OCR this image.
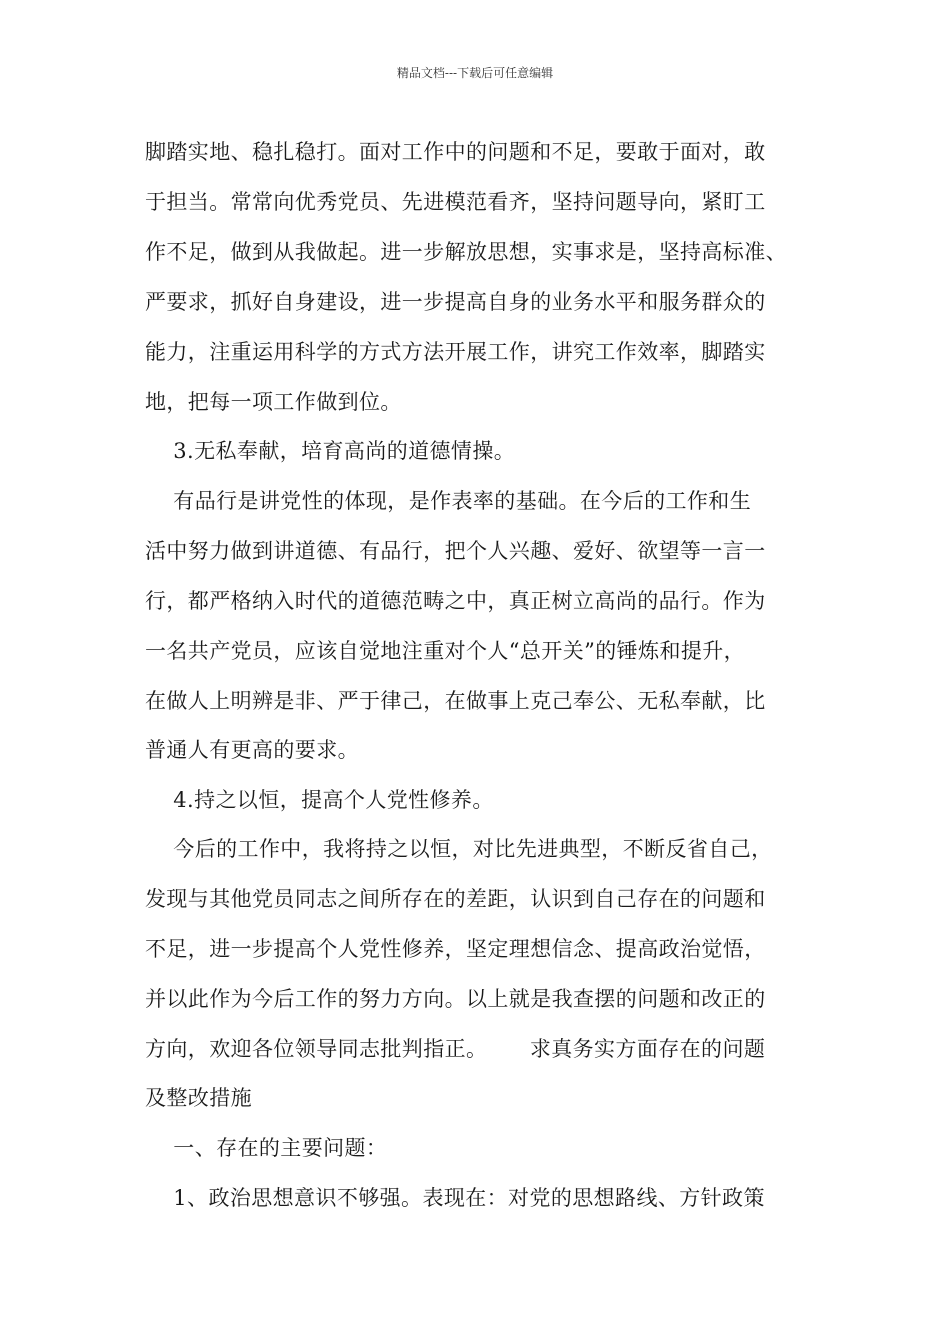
精品文档---下载后可任意编辑
脚踏实地、稳扎稳打。面对工作中的问题和不足，要敢于面对，敢
于担当。常常向优秀党员、先进模范看齐，坚持问题导向，紧盯工
作不足，做到从我做起。进一步解放思想，实事求是，坚持高标准、
严要求，抓好自身建设，进一步提高自身的业务水平和服务群众的
能力，注重运用科学的方式方法开展工作，讲究工作效率，脚踏实
地，把每一项工作做到位。
3.无私奉献，培育高尚的道德情操。
有品行是讲党性的体现，是作表率的基础。在今后的工作和生
活中努力做到讲道德、有品行，把个人兴趣、爱好、欲望等一言一
行，都严格纳入时代的道德范畴之中，真正树立高尚的品行。作为
一名共产党员，应该自觉地注重对个人“总开关”的锤炼和提升，
在做人上明辨是非、严于律己，在做事上克己奉公、无私奉献，比
普通人有更高的要求。
4.持之以恒，提高个人党性修养。
今后的工作中，我将持之以恒，对比先进典型，不断反省自己，
发现与其他党员同志之间所存在的差距，认识到自己存在的问题和
不足，进一步提高个人党性修养，坚定理想信念、提高政治觉悟，
并以此作为今后工作的努力方向。以上就是我查摆的问题和改正的
方向，欢迎各位领导同志批判指正。      求真务实方面存在的问题
及整改措施
一、存在的主要问题：
1、政治思想意识不够强。表现在：对党的思想路线、方针政策
